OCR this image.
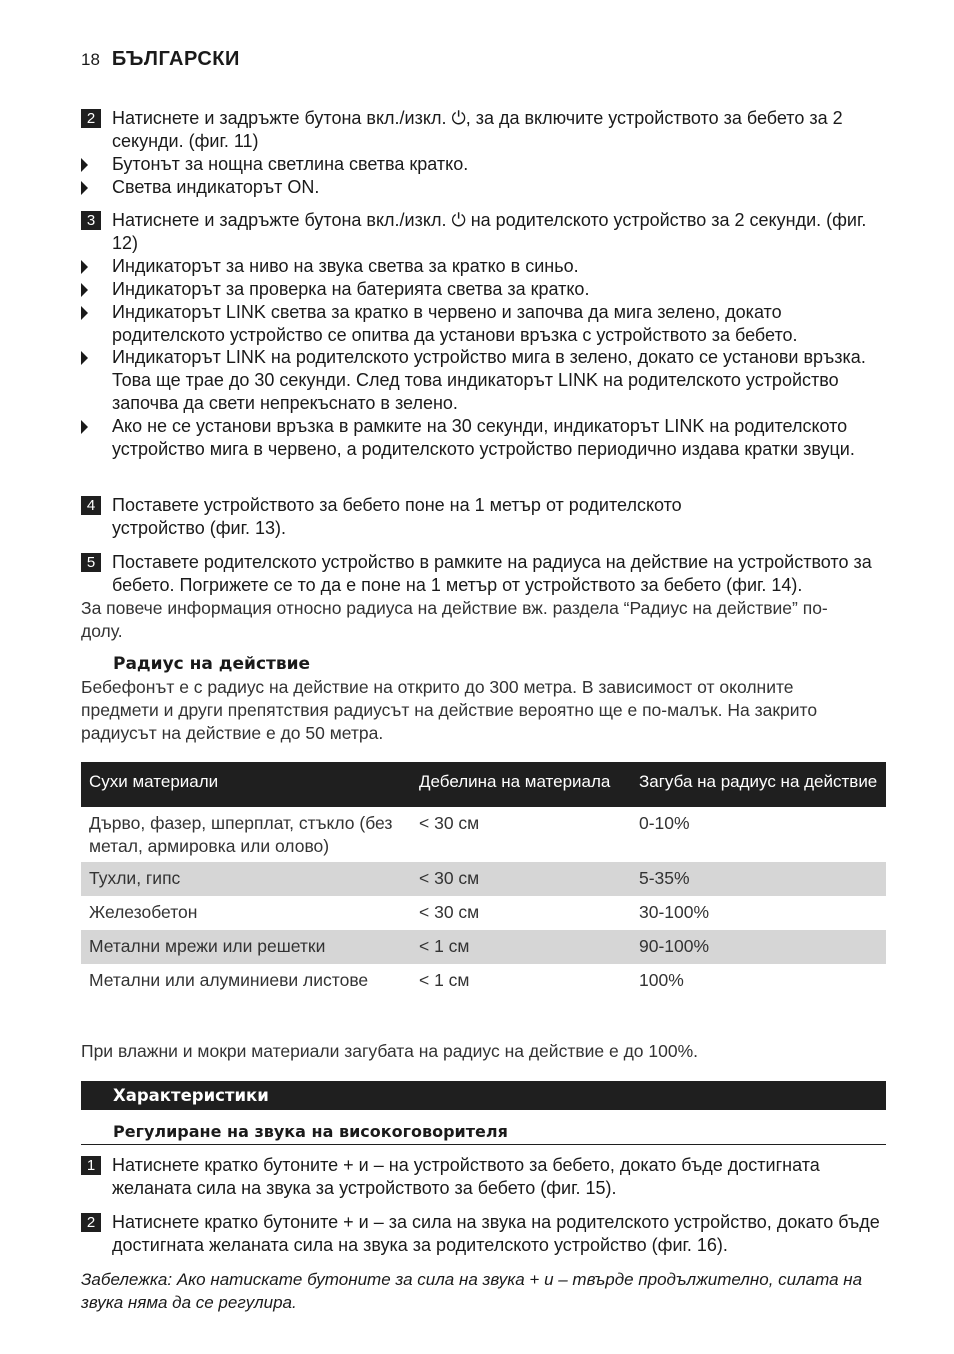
18 БЪЛГАРСКИ
2 Натиснете и задръжте бутона вкл./изкл. ⏻, за да включите устройството за бебето за 2 секунди. (фиг. 11)
Бутонът за нощна светлина светва кратко.
Светва индикаторът ON.
3 Натиснете и задръжте бутона вкл./изкл. ⏻ на родителското устройство за 2 секунди. (фиг. 12)
Индикаторът за ниво на звука светва за кратко в синьо.
Индикаторът за проверка на батерията светва за кратко.
Индикаторът LINK светва за кратко в червено и започва да мига зелено, докато родителското устройство се опитва да установи връзка с устройството за бебето.
Индикаторът LINK на родителското устройство мига в зелено, докато се установи връзка. Това ще трае до 30 секунди. След това индикаторът LINK на родителското устройство започва да свети непрекъснато в зелено.
Ако не се установи връзка в рамките на 30 секунди, индикаторът LINK на родителското устройство мига в червено, а родителското устройство периодично издава кратки звуци.
4 Поставете устройството за бебето поне на 1 метър от родителското устройство (фиг. 13).
5 Поставете родителското устройство в рамките на радиуса на действие на устройството за бебето. Погрижете се то да е поне на 1 метър от устройството за бебето (фиг. 14).
За повече информация относно радиуса на действие вж. раздела “Радиус на действие” по-долу.
Радиус на действие
Бебефонът е с радиус на действие на открито до 300 метра. В зависимост от околните предмети и други препятствия радиусът на действие вероятно ще е по-малък. На закрито радиусът на действие е до 50 метра.
Сухи материали	Дебелина на материала	Загуба на радиус на действие
Дърво, фазер, шперплат, стъкло (без метал, армировка или олово)	< 30 см	0-10%
Тухли, гипс	< 30 см	5-35%
Железобетон	< 30 см	30-100%
Метални мрежи или решетки	< 1 см	90-100%
Метални или алуминиеви листове	< 1 см	100%
При влажни и мокри материали загубата на радиус на действие е до 100%.
Характеристики
Регулиране на звука на високоговорителя
1 Натиснете кратко бутоните + и – на устройството за бебето, докато бъде достигната желаната сила на звука за устройството за бебето (фиг. 15).
2 Натиснете кратко бутоните + и – за сила на звука на родителското устройство, докато бъде достигната желаната сила на звука за родителското устройство (фиг. 16).
Забележка: Ако натискате бутоните за сила на звука + и – твърде продължително, силата на звука няма да се регулира.
